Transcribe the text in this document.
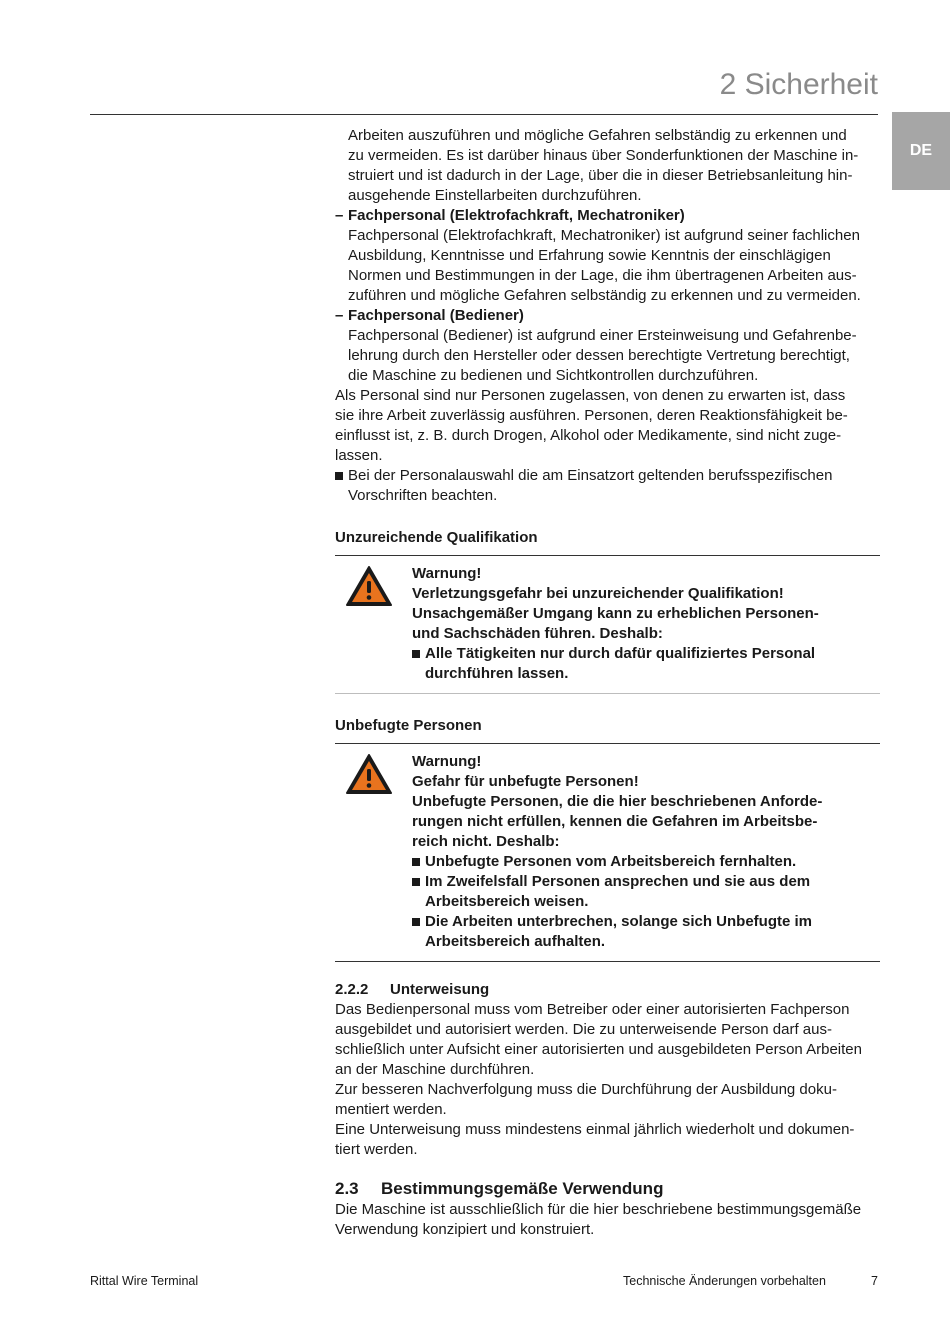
2 Sicherheit
DE

Arbeiten auszuführen und mögliche Gefahren selbständig zu erkennen und

zu vermeiden. Es ist darüber hinaus über Sonderfunktionen der Maschine in-

struiert und ist dadurch in der Lage, über die in dieser Betriebsanleitung hin-

ausgehende Einstellarbeiten durchzuführen.

– Fachpersonal (Elektrofachkraft, Mechatroniker)

Fachpersonal (Elektrofachkraft, Mechatroniker) ist aufgrund seiner fachlichen

Ausbildung, Kenntnisse und Erfahrung sowie Kenntnis der einschlägigen

Normen und Bestimmungen in der Lage, die ihm übertragenen Arbeiten aus-

zuführen und mögliche Gefahren selbständig zu erkennen und zu vermeiden.

– Fachpersonal (Bediener)

Fachpersonal (Bediener) ist aufgrund einer Ersteinweisung und Gefahrenbe-

lehrung durch den Hersteller oder dessen berechtigte Vertretung berechtigt,

die Maschine zu bedienen und Sichtkontrollen durchzuführen.

Als Personal sind nur Personen zugelassen, von denen zu erwarten ist, dass

sie ihre Arbeit zuverlässig ausführen. Personen, deren Reaktionsfähigkeit be-

einflusst ist, z. B. durch Drogen, Alkohol oder Medikamente, sind nicht zuge-

lassen.

Bei der Personalauswahl die am Einsatzort geltenden berufsspezifischen

Vorschriften beachten.

Unzureichende Qualifikation

Warnung!

Verletzungsgefahr bei unzureichender Qualifikation!

Unsachgemäßer Umgang kann zu erheblichen Personen-

und Sachschäden führen. Deshalb:

Alle Tätigkeiten nur durch dafür qualifiziertes Personal

durchführen lassen.

Unbefugte Personen

Warnung!

Gefahr für unbefugte Personen!

Unbefugte Personen, die die hier beschriebenen Anforde-

rungen nicht erfüllen, kennen die Gefahren im Arbeitsbe-

reich nicht. Deshalb:

Unbefugte Personen vom Arbeitsbereich fernhalten.

Im Zweifelsfall Personen ansprechen und sie aus dem

Arbeitsbereich weisen.

Die Arbeiten unterbrechen, solange sich Unbefugte im

Arbeitsbereich aufhalten.

2.2.2 Unterweisung

Das Bedienpersonal muss vom Betreiber oder einer autorisierten Fachperson

ausgebildet und autorisiert werden. Die zu unterweisende Person darf aus-

schließlich unter Aufsicht einer autorisierten und ausgebildeten Person Arbeiten

an der Maschine durchführen.

Zur besseren Nachverfolgung muss die Durchführung der Ausbildung doku-

mentiert werden.

Eine Unterweisung muss mindestens einmal jährlich wiederholt und dokumen-

tiert werden.

2.3 Bestimmungsgemäße Verwendung

Die Maschine ist ausschließlich für die hier beschriebene bestimmungsgemäße

Verwendung konzipiert und konstruiert.

Rittal Wire Terminal	Technische Änderungen vorbehalten	7
